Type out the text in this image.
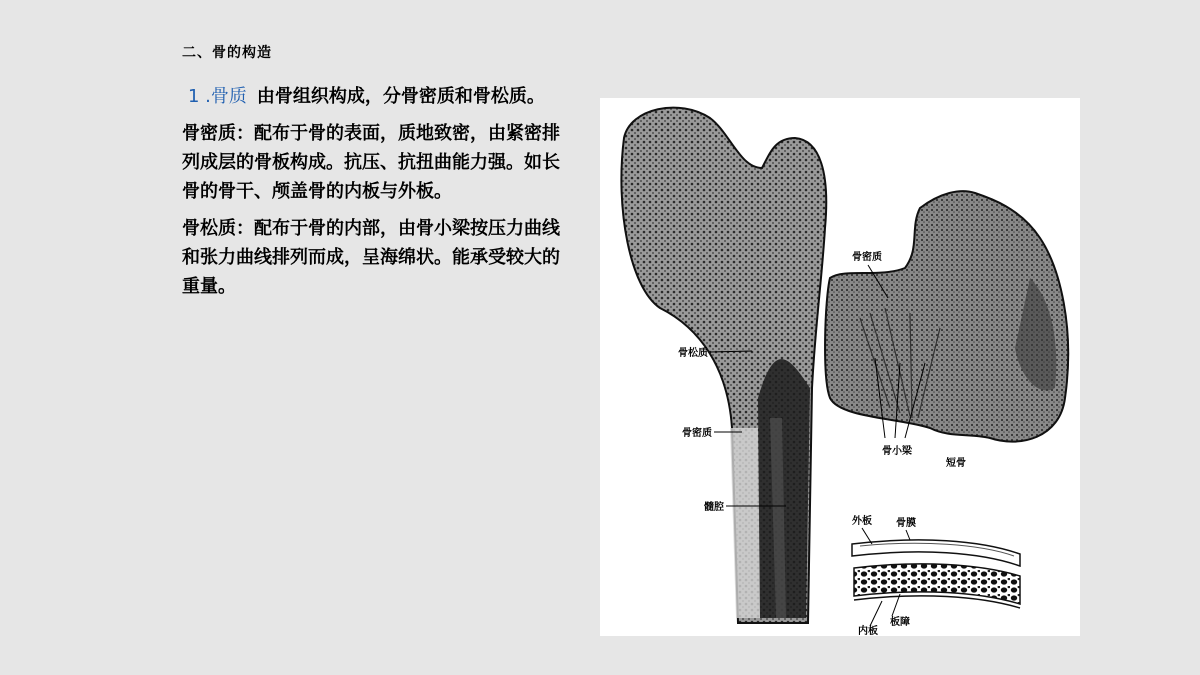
二、骨的构造

1 .骨质 由骨组织构成，分骨密质和骨松质。

骨密质：配布于骨的表面，质地致密，由紧密排列成层的骨板构成。抗压、抗扭曲能力强。如长骨的骨干、颅盖骨的内板与外板。

骨松质：配布于骨的内部，由骨小梁按压力曲线和张力曲线排列而成，呈海绵状。能承受较大的重量。

骨松质
骨密质
髓腔
骨密质
骨小梁
短骨
外板 骨膜
板障
内板
